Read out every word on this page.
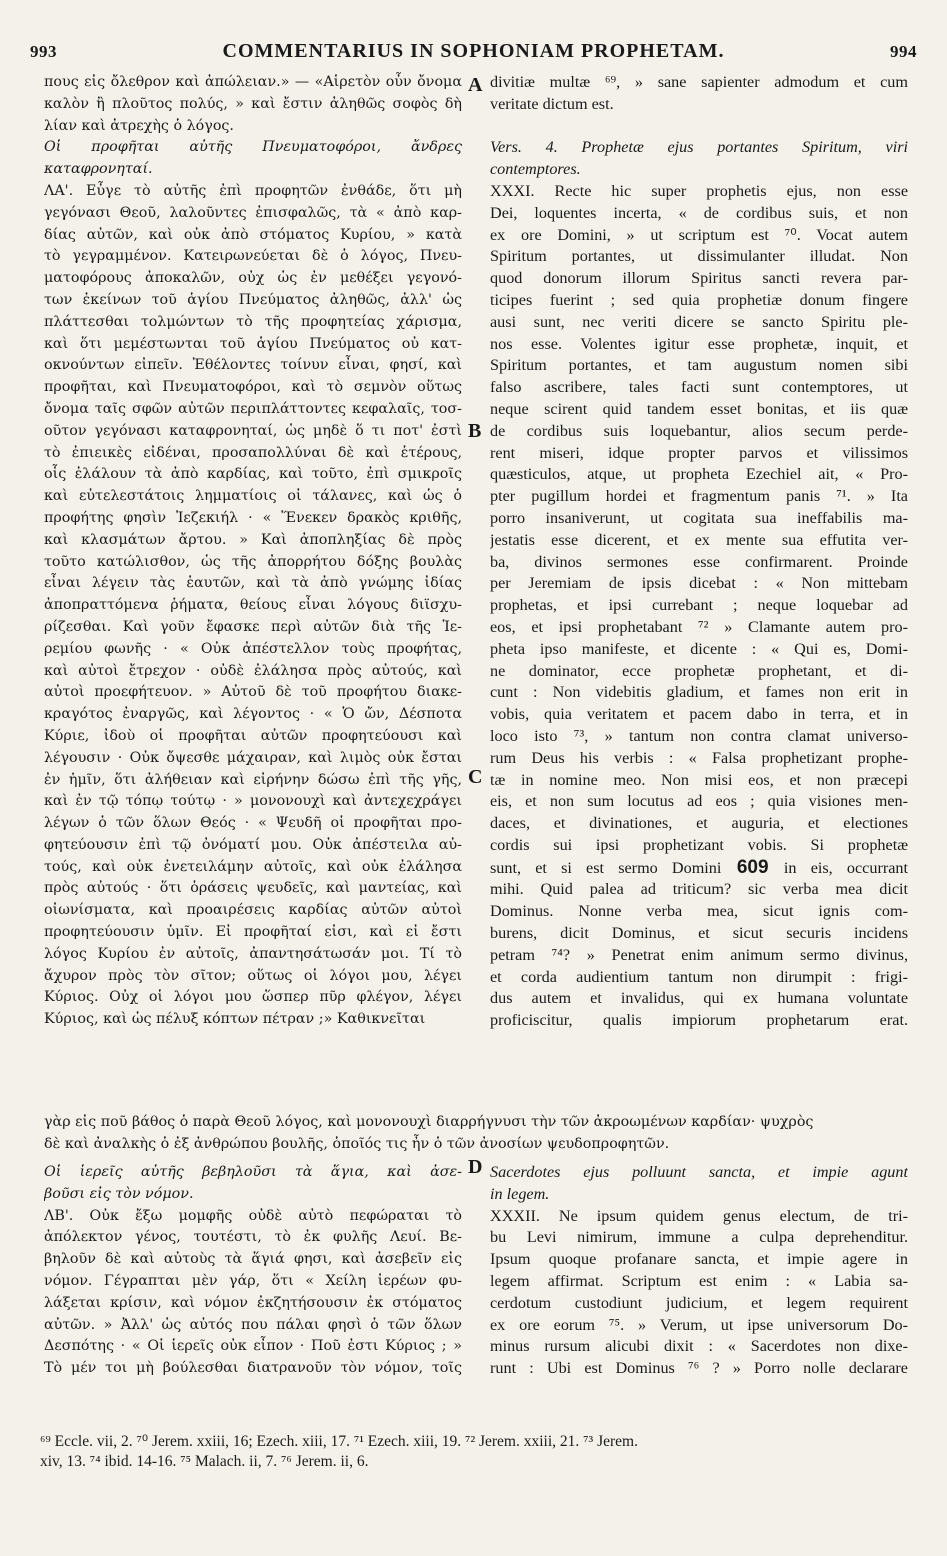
993	COMMENTARIUS IN SOPHONIAM PROPHETAM.	994
πους εἰς ὄλεθρον καὶ ἀπώλειαν.» — «Αἱρετὸν οὖν ὄνομα
καλὸν ἢ πλοῦτος πολύς, » καὶ ἔστιν ἀληθῶς σοφὸς δὴ
λίαν καὶ ἀτρεχὴς ὁ λόγος.
Οἱ προφῆται αὐτῆς Πνευματοφόροι, ἄνδρες
καταφρονηταί.
ΛΑ'. Εὖγε τὸ αὐτῆς ἐπὶ προφητῶν ἐνθάδε, ὅτι μὴ
γεγόνασι Θεοῦ, λαλοῦντες ἐπισφαλῶς, τὰ « ἀπὸ καρ-
δίας αὐτῶν, καὶ οὐκ ἀπὸ στόματος Κυρίου, » κατὰ
τὸ γεγραμμένον. Κατειρωνεύεται δὲ ὁ λόγος, Πνευ-
ματοφόρους ἀποκαλῶν, οὐχ ὡς ἐν μεθέξει γεγονό-
των ἐκείνων τοῦ ἁγίου Πνεύματος ἀληθῶς, ἀλλ' ὡς
πλάττεσθαι τολμώντων τὸ τῆς προφητείας χάρισμα,
καὶ ὅτι μεμέστωνται τοῦ ἁγίου Πνεύματος οὐ κατ-
οκνούντων εἰπεῖν. Ἐθέλοντες τοίνυν εἶναι, φησί, καὶ
προφῆται, καὶ Πνευματοφόροι, καὶ τὸ σεμνὸν οὕτως
ὄνομα ταῖς σφῶν αὐτῶν περιπλάττοντες κεφαλαῖς, τοσ-
οῦτον γεγόνασι καταφρονηταί, ὡς μηδὲ ὅ τι ποτ' ἐστὶ
τὸ ἐπιεικὲς εἰδέναι, προσαπολλύναι δὲ καὶ ἑτέρους,
οἷς ἐλάλουν τὰ ἀπὸ καρδίας, καὶ τοῦτο, ἐπὶ σμικροῖς
καὶ εὐτελεστάτοις λημματίοις οἱ τάλανες, καὶ ὡς ὁ
προφήτης φησὶν Ἰεζεκιήλ · « Ἕνεκεν δρακὸς κριθῆς,
καὶ κλασμάτων ἄρτου. » Καὶ ἀποπληξίας δὲ πρὸς
τοῦτο κατώλισθον, ὡς τῆς ἀπορρήτου δόξης βουλὰς
εἶναι λέγειν τὰς ἑαυτῶν, καὶ τὰ ἀπὸ γνώμης ἰδίας
ἀποπραττόμενα ῥήματα, θείους εἶναι λόγους διϊσχυ-
ρίζεσθαι. Καὶ γοῦν ἔφασκε περὶ αὐτῶν διὰ τῆς Ἱε-
ρεμίου φωνῆς · « Οὐκ ἀπέστελλον τοὺς προφήτας,
καὶ αὐτοὶ ἔτρεχον · οὐδὲ ἐλάλησα πρὸς αὐτούς, καὶ
αὐτοὶ προεφήτευον. » Αὐτοῦ δὲ τοῦ προφήτου διακε-
κραγότος ἐναργῶς, καὶ λέγοντος · « Ὁ ὤν, Δέσποτα
Κύριε, ἰδοὺ οἱ προφῆται αὐτῶν προφητεύουσι καὶ
λέγουσιν · Οὐκ ὄψεσθε μάχαιραν, καὶ λιμὸς οὐκ ἔσται
ἐν ἡμῖν, ὅτι ἀλήθειαν καὶ εἰρήνην δώσω ἐπὶ τῆς γῆς,
καὶ ἐν τῷ τόπῳ τούτῳ · » μονονουχὶ καὶ ἀντεχεχράγει
λέγων ὁ τῶν ὅλων Θεός · « Ψευδῆ οἱ προφῆται προ-
φητεύουσιν ἐπὶ τῷ ὀνόματί μου. Οὐκ ἀπέστειλα αὐ-
τούς, καὶ οὐκ ἐνετειλάμην αὐτοῖς, καὶ οὐκ ἐλάλησα
πρὸς αὐτούς · ὅτι ὁράσεις ψευδεῖς, καὶ μαντείας, καὶ
οἰωνίσματα, καὶ προαιρέσεις καρδίας αὐτῶν αὐτοὶ
προφητεύουσιν ὑμῖν. Εἰ προφῆταί εἰσι, καὶ εἰ ἔστι
λόγος Κυρίου ἐν αὐτοῖς, ἀπαντησάτωσάν μοι. Τί τὸ
ἄχυρον πρὸς τὸν σῖτον; οὕτως οἱ λόγοι μου, λέγει
Κύριος. Οὐχ οἱ λόγοι μου ὥσπερ πῦρ φλέγον, λέγει
Κύριος, καὶ ὡς πέλυξ κόπτων πέτραν ;» Καθικνεῖται
divitiæ multæ ⁶⁹, » sane sapienter admodum et cum
veritate dictum est.

Vers. 4. Prophetæ ejus portantes Spiritum, viri
contemptores.
XXXI. Recte hic super prophetis ejus, non esse
Dei, loquentes incerta, « de cordibus suis, et non
ex ore Domini, » ut scriptum est ⁷⁰. Vocat autem
Spiritum portantes, ut dissimulanter illudat. Non
quod donorum illorum Spiritus sancti revera par-
ticipes fuerint ; sed quia prophetiæ donum fingere
ausi sunt, nec veriti dicere se sancto Spiritu ple-
nos esse. Volentes igitur esse prophetæ, inquit, et
Spiritum portantes, et tam augustum nomen sibi
falso ascribere, tales facti sunt contemptores, ut
neque scirent quid tandem esset bonitas, et iis quæ
de cordibus suis loquebantur, alios secum perde-
rent miseri, idque propter parvos et vilissimos
quæsticulos, atque, ut propheta Ezechiel ait, « Pro-
pter pugillum hordei et fragmentum panis ⁷¹. » Ita
porro insaniverunt, ut cogitata sua ineffabilis ma-
jestatis esse dicerent, et ex mente sua effutita ver-
ba, divinos sermones esse confirmarent. Proinde
per Jeremiam de ipsis dicebat : « Non mittebam
prophetas, et ipsi currebant ; neque loquebar ad
eos, et ipsi prophetabant ⁷² » Clamante autem pro-
pheta ipso manifeste, et dicente : « Qui es, Domi-
ne dominator, ecce prophetæ prophetant, et di-
cunt : Non videbitis gladium, et fames non erit in
vobis, quia veritatem et pacem dabo in terra, et in
loco isto ⁷³, » tantum non contra clamat universo-
rum Deus his verbis : « Falsa prophetizant prophe-
tæ in nomine meo. Non misi eos, et non præcepi
eis, et non sum locutus ad eos ; quia visiones men-
daces, et divinationes, et auguria, et electiones
cordis sui ipsi prophetizant vobis. Si prophetæ
sunt, et si est sermo Domini 609 in eis, occurrant
mihi. Quid palea ad triticum? sic verba mea dicit
Dominus. Nonne verba mea, sicut ignis com-
burens, dicit Dominus, et sicut securis incidens
petram ⁷⁴? » Penetrat enim animum sermo divinus,
et corda audientium tantum non dirumpit : frigi-
dus autem et invalidus, qui ex humana voluntate
proficiscitur, qualis impiorum prophetarum erat.
γὰρ εἰς ποῦ βάθος ὁ παρὰ Θεοῦ λόγος, καὶ μονονουχὶ διαρρήγνυσι τὴν τῶν ἀκροωμένων καρδίαν· ψυχρὸς
δὲ καὶ ἀναλκὴς ὁ ἐξ ἀνθρώπου βουλῆς, ὁποῖός τις ἦν ὁ τῶν ἀνοσίων ψευδοπροφητῶν.
Οἱ ἱερεῖς αὐτῆς βεβηλοῦσι τὰ ἅγια, καὶ ἀσε-
βοῦσι εἰς τὸν νόμον.
ΛΒ'. Οὐκ ἔξω μομφῆς οὐδὲ αὐτὸ πεφώραται τὸ
ἀπόλεκτον γένος, τουτέστι, τὸ ἐκ φυλῆς Λευί. Βε-
βηλοῦν δὲ καὶ αὐτοὺς τὰ ἅγιά φησι, καὶ ἀσεβεῖν εἰς
νόμον. Γέγραπται μὲν γάρ, ὅτι « Χείλη ἱερέων φυ-
λάξεται κρίσιν, καὶ νόμον ἐκζητήσουσιν ἐκ στόματος
αὐτῶν. » Ἀλλ' ὡς αὐτός που πάλαι φησὶ ὁ τῶν ὅλων
Δεσπότης · « Οἱ ἱερεῖς οὐκ εἶπον · Ποῦ ἐστι Κύριος ; »
Τὸ μέν τοι μὴ βούλεσθαι διατρανοῦν τὸν νόμον, τοῖς
Sacerdotes ejus polluunt sancta, et impie agunt
in legem.
XXXII. Ne ipsum quidem genus electum, de tri-
bu Levi nimirum, immune a culpa deprehenditur.
Ipsum quoque profanare sancta, et impie agere in
legem affirmat. Scriptum est enim : « Labia sa-
cerdotum custodiunt judicium, et legem requirent
ex ore eorum ⁷⁵. » Verum, ut ipse universorum Do-
minus rursum alicubi dixit : « Sacerdotes non dixe-
runt : Ubi est Dominus ⁷⁶ ? » Porro nolle declarare
A
B
C
D
⁶⁹ Eccle. vii, 2. ⁷⁰ Jerem. xxiii, 16; Ezech. xiii, 17. ⁷¹ Ezech. xiii, 19. ⁷² Jerem. xxiii, 21. ⁷³ Jerem.
xiv, 13. ⁷⁴ ibid. 14-16. ⁷⁵ Malach. ii, 7. ⁷⁶ Jerem. ii, 6.
